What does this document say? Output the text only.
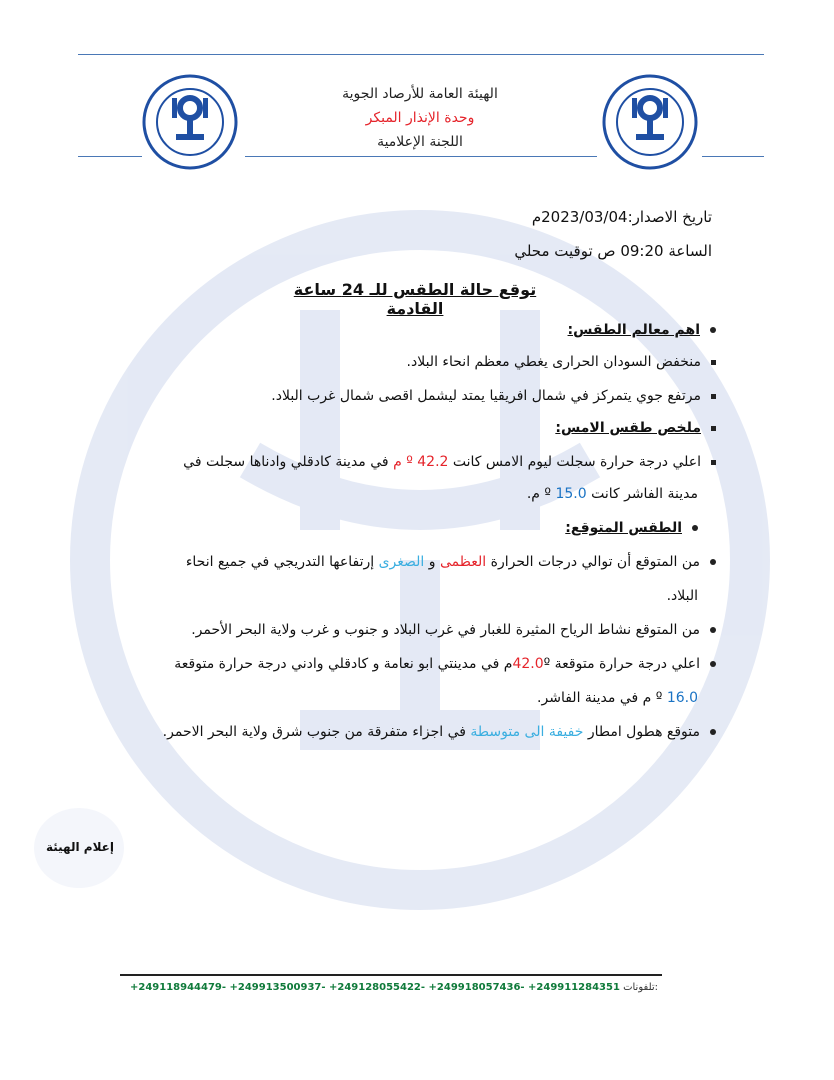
الهيئة العامة للأرصاد الجوية
وحدة الإنذار المبكر
اللجنة الإعلامية
تاريخ الاصدار:2023/03/04م
الساعة 09:20 ص توقيت محلي
توقع حالة الطقس للـ 24 ساعة القادمة
اهم معالم الطقس:
منخفض السودان الحرارى يغطي معظم انحاء البلاد.
مرتفع جوي يتمركز في شمال افريقيا يمتد ليشمل اقصى شمال غرب البلاد.
ملخص طقس الامس:
اعلي درجة حرارة سجلت ليوم الامس كانت 42.2 º م في مدينة كادقلي وادناها سجلت في
مدينة الفاشر كانت 15.0 º م.
الطقس المتوقع:
من المتوقع أن توالي درجات الحرارة العظمى و الصغرى إرتفاعها التدريجي في جميع انحاء
البلاد.
من المتوقع نشاط الرياح المثيرة للغبار في غرب البلاد و جنوب و غرب ولاية البحر الأحمر.
اعلي درجة حرارة متوقعة 42.0ºم في مدينتي ابو نعامة و كادقلي وادني درجة حرارة متوقعة
16.0 º م في مدينة الفاشر.
متوقع هطول امطار خفيفة الى متوسطة في اجزاء متفرقة من جنوب شرق ولاية البحر الاحمر.
إعلام الهيئة
+249118944479- +249913500937- +249128055422- +249918057436- +249911284351 تلفونات:
